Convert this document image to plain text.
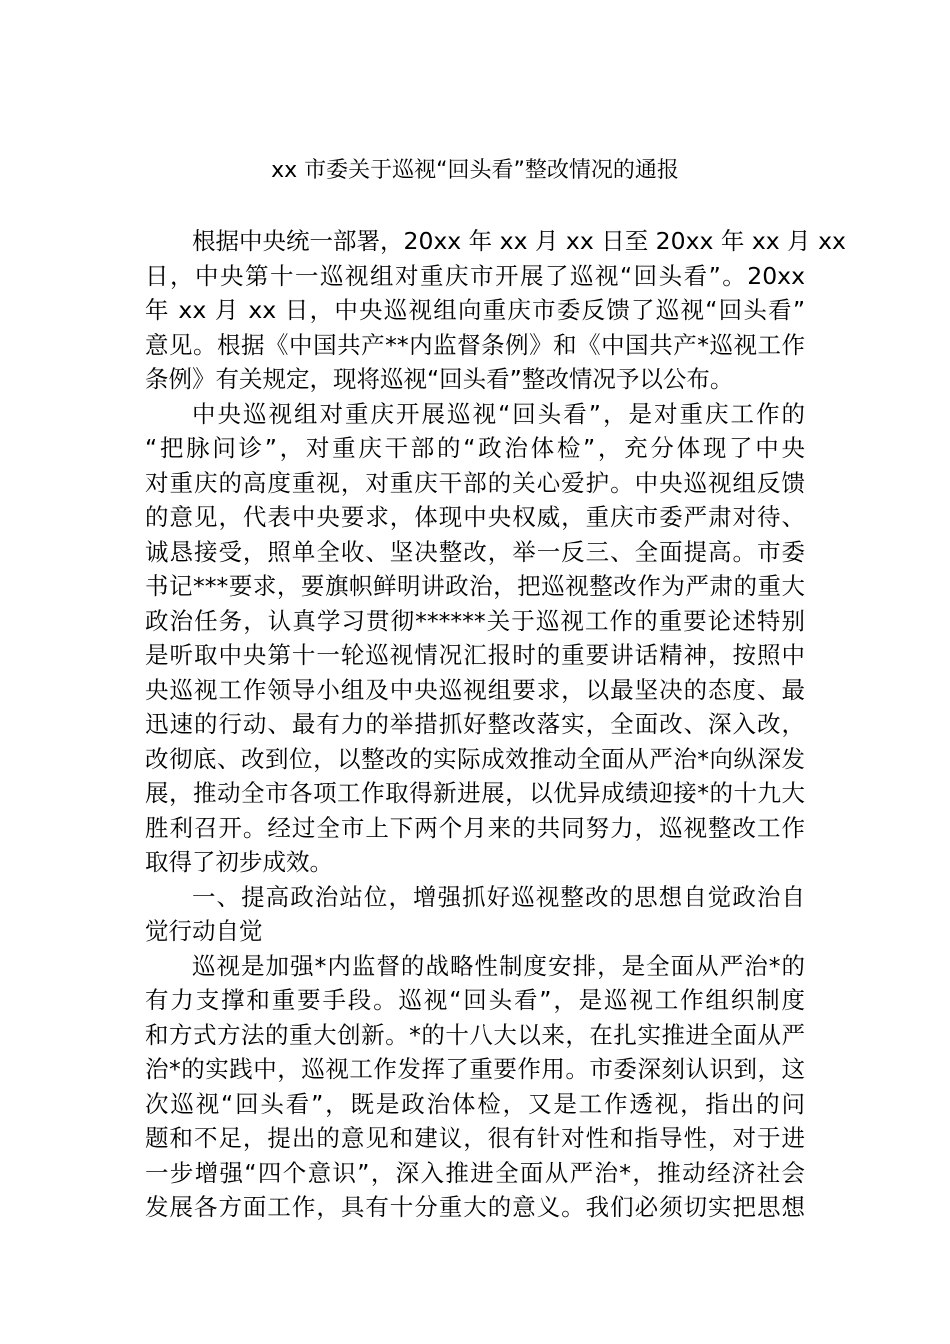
xx 市委关于巡视“回头看”整改情况的通报
根据中央统一部署，20xx 年 xx 月 xx 日至 20xx 年 xx 月 xx
日，中央第十一巡视组对重庆市开展了巡视“回头看”。20xx
年 xx 月 xx 日，中央巡视组向重庆市委反馈了巡视“回头看”
意见。根据《中国共产**内监督条例》和《中国共产*巡视工作
条例》有关规定，现将巡视“回头看”整改情况予以公布。
中央巡视组对重庆开展巡视“回头看”，是对重庆工作的
“把脉问诊”，对重庆干部的“政治体检”，充分体现了中央
对重庆的高度重视，对重庆干部的关心爱护。中央巡视组反馈
的意见，代表中央要求，体现中央权威，重庆市委严肃对待、
诚恳接受，照单全收、坚决整改，举一反三、全面提高。市委
书记***要求，要旗帜鲜明讲政治，把巡视整改作为严肃的重大
政治任务，认真学习贯彻******关于巡视工作的重要论述特别
是听取中央第十一轮巡视情况汇报时的重要讲话精神，按照中
央巡视工作领导小组及中央巡视组要求，以最坚决的态度、最
迅速的行动、最有力的举措抓好整改落实，全面改、深入改，
改彻底、改到位，以整改的实际成效推动全面从严治*向纵深发
展，推动全市各项工作取得新进展，以优异成绩迎接*的十九大
胜利召开。经过全市上下两个月来的共同努力，巡视整改工作
取得了初步成效。
一、提高政治站位，增强抓好巡视整改的思想自觉政治自
觉行动自觉
巡视是加强*内监督的战略性制度安排，是全面从严治*的
有力支撑和重要手段。巡视“回头看”，是巡视工作组织制度
和方式方法的重大创新。*的十八大以来，在扎实推进全面从严
治*的实践中，巡视工作发挥了重要作用。市委深刻认识到，这
次巡视“回头看”，既是政治体检，又是工作透视，指出的问
题和不足，提出的意见和建议，很有针对性和指导性，对于进
一步增强“四个意识”，深入推进全面从严治*，推动经济社会
发展各方面工作，具有十分重大的意义。我们必须切实把思想
